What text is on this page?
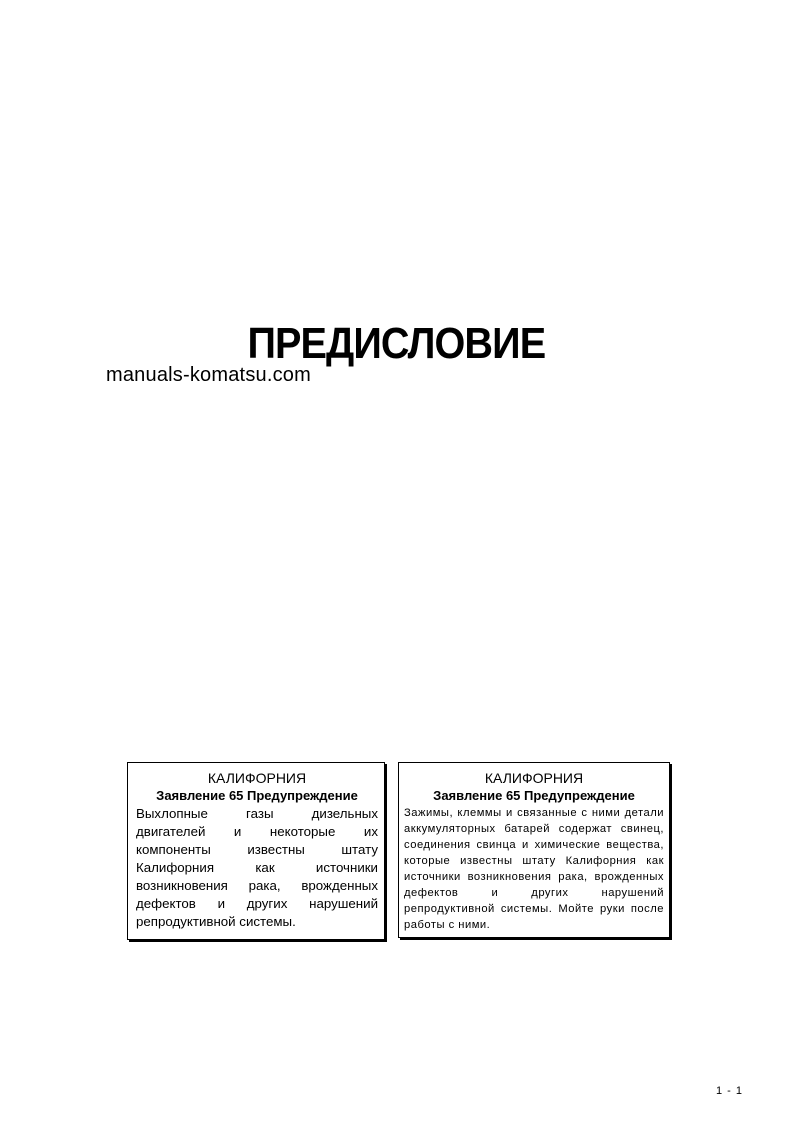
ПРЕДИСЛОВИЕ
manuals-komatsu.com
КАЛИФОРНИЯ
Заявление 65 Предупреждение
Выхлопные газы дизельных двигателей и некоторые их компоненты известны штату Калифорния как источники возникновения рака, врожденных дефектов и других нарушений репродуктивной системы.
КАЛИФОРНИЯ
Заявление 65 Предупреждение
Зажимы, клеммы и связанные с ними детали аккумуляторных батарей содержат свинец, соединения свинца и химические вещества, которые известны штату Калифорния как источники возникновения рака, врожденных дефектов и других нарушений репродуктивной системы. Мойте руки после работы с ними.
1 - 1
